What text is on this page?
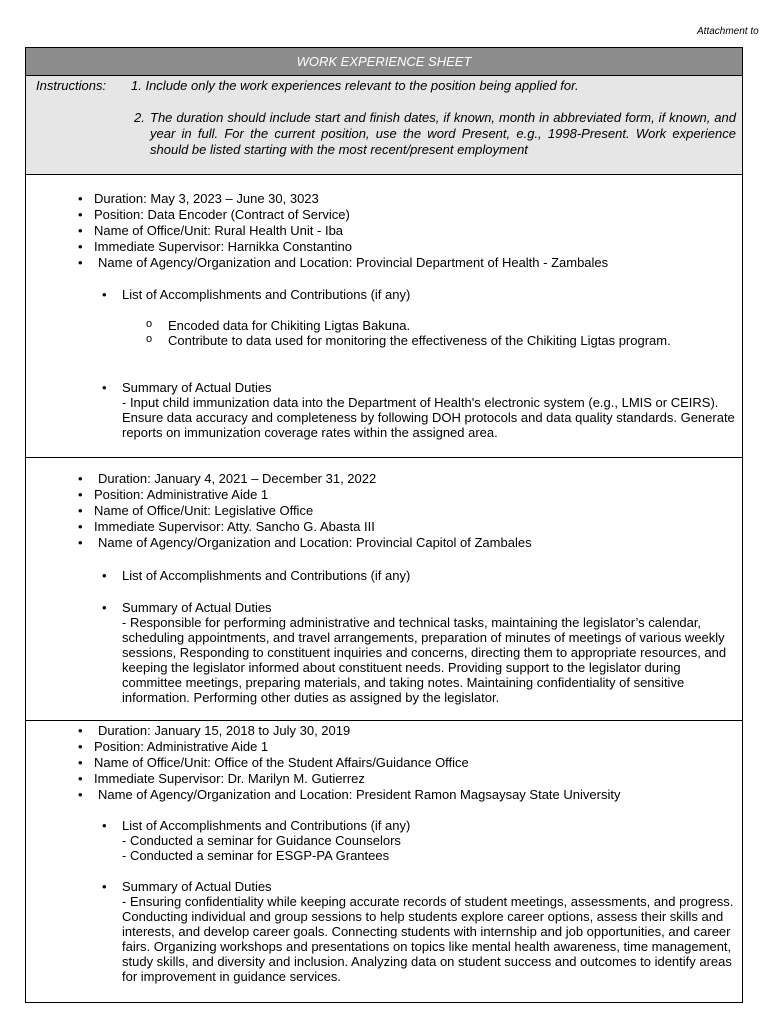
Attachment to
WORK EXPERIENCE SHEET
Instructions: 1. Include only the work experiences relevant to the position being applied for.
2. The duration should include start and finish dates, if known, month in abbreviated form, if known, and year in full. For the current position, use the word Present, e.g., 1998-Present. Work experience should be listed starting with the most recent/present employment
• Duration: May 3, 2023 – June 30, 3023
• Position: Data Encoder (Contract of Service)
• Name of Office/Unit: Rural Health Unit - Iba
• Immediate Supervisor: Harnikka Constantino
• Name of Agency/Organization and Location: Provincial Department of Health - Zambales
• List of Accomplishments and Contributions (if any)
o Encoded data for Chikiting Ligtas Bakuna.
o Contribute to data used for monitoring the effectiveness of the Chikiting Ligtas program.
• Summary of Actual Duties
- Input child immunization data into the Department of Health's electronic system (e.g., LMIS or CEIRS). Ensure data accuracy and completeness by following DOH protocols and data quality standards. Generate reports on immunization coverage rates within the assigned area.
• Duration: January 4, 2021 – December 31, 2022
• Position: Administrative Aide 1
• Name of Office/Unit: Legislative Office
• Immediate Supervisor: Atty. Sancho G. Abasta III
• Name of Agency/Organization and Location: Provincial Capitol of Zambales
• List of Accomplishments and Contributions (if any)
• Summary of Actual Duties
- Responsible for performing administrative and technical tasks, maintaining the legislator’s calendar, scheduling appointments, and travel arrangements, preparation of minutes of meetings of various weekly sessions, Responding to constituent inquiries and concerns, directing them to appropriate resources, and keeping the legislator informed about constituent needs. Providing support to the legislator during committee meetings, preparing materials, and taking notes. Maintaining confidentiality of sensitive information. Performing other duties as assigned by the legislator.
• Duration: January 15, 2018 to July 30, 2019
• Position: Administrative Aide 1
• Name of Office/Unit: Office of the Student Affairs/Guidance Office
• Immediate Supervisor: Dr. Marilyn M. Gutierrez
• Name of Agency/Organization and Location: President Ramon Magsaysay State University
• List of Accomplishments and Contributions (if any)
- Conducted a seminar for Guidance Counselors
- Conducted a seminar for ESGP-PA Grantees
• Summary of Actual Duties
- Ensuring confidentiality while keeping accurate records of student meetings, assessments, and progress. Conducting individual and group sessions to help students explore career options, assess their skills and interests, and develop career goals. Connecting students with internship and job opportunities, and career fairs. Organizing workshops and presentations on topics like mental health awareness, time management, study skills, and diversity and inclusion. Analyzing data on student success and outcomes to identify areas for improvement in guidance services.
